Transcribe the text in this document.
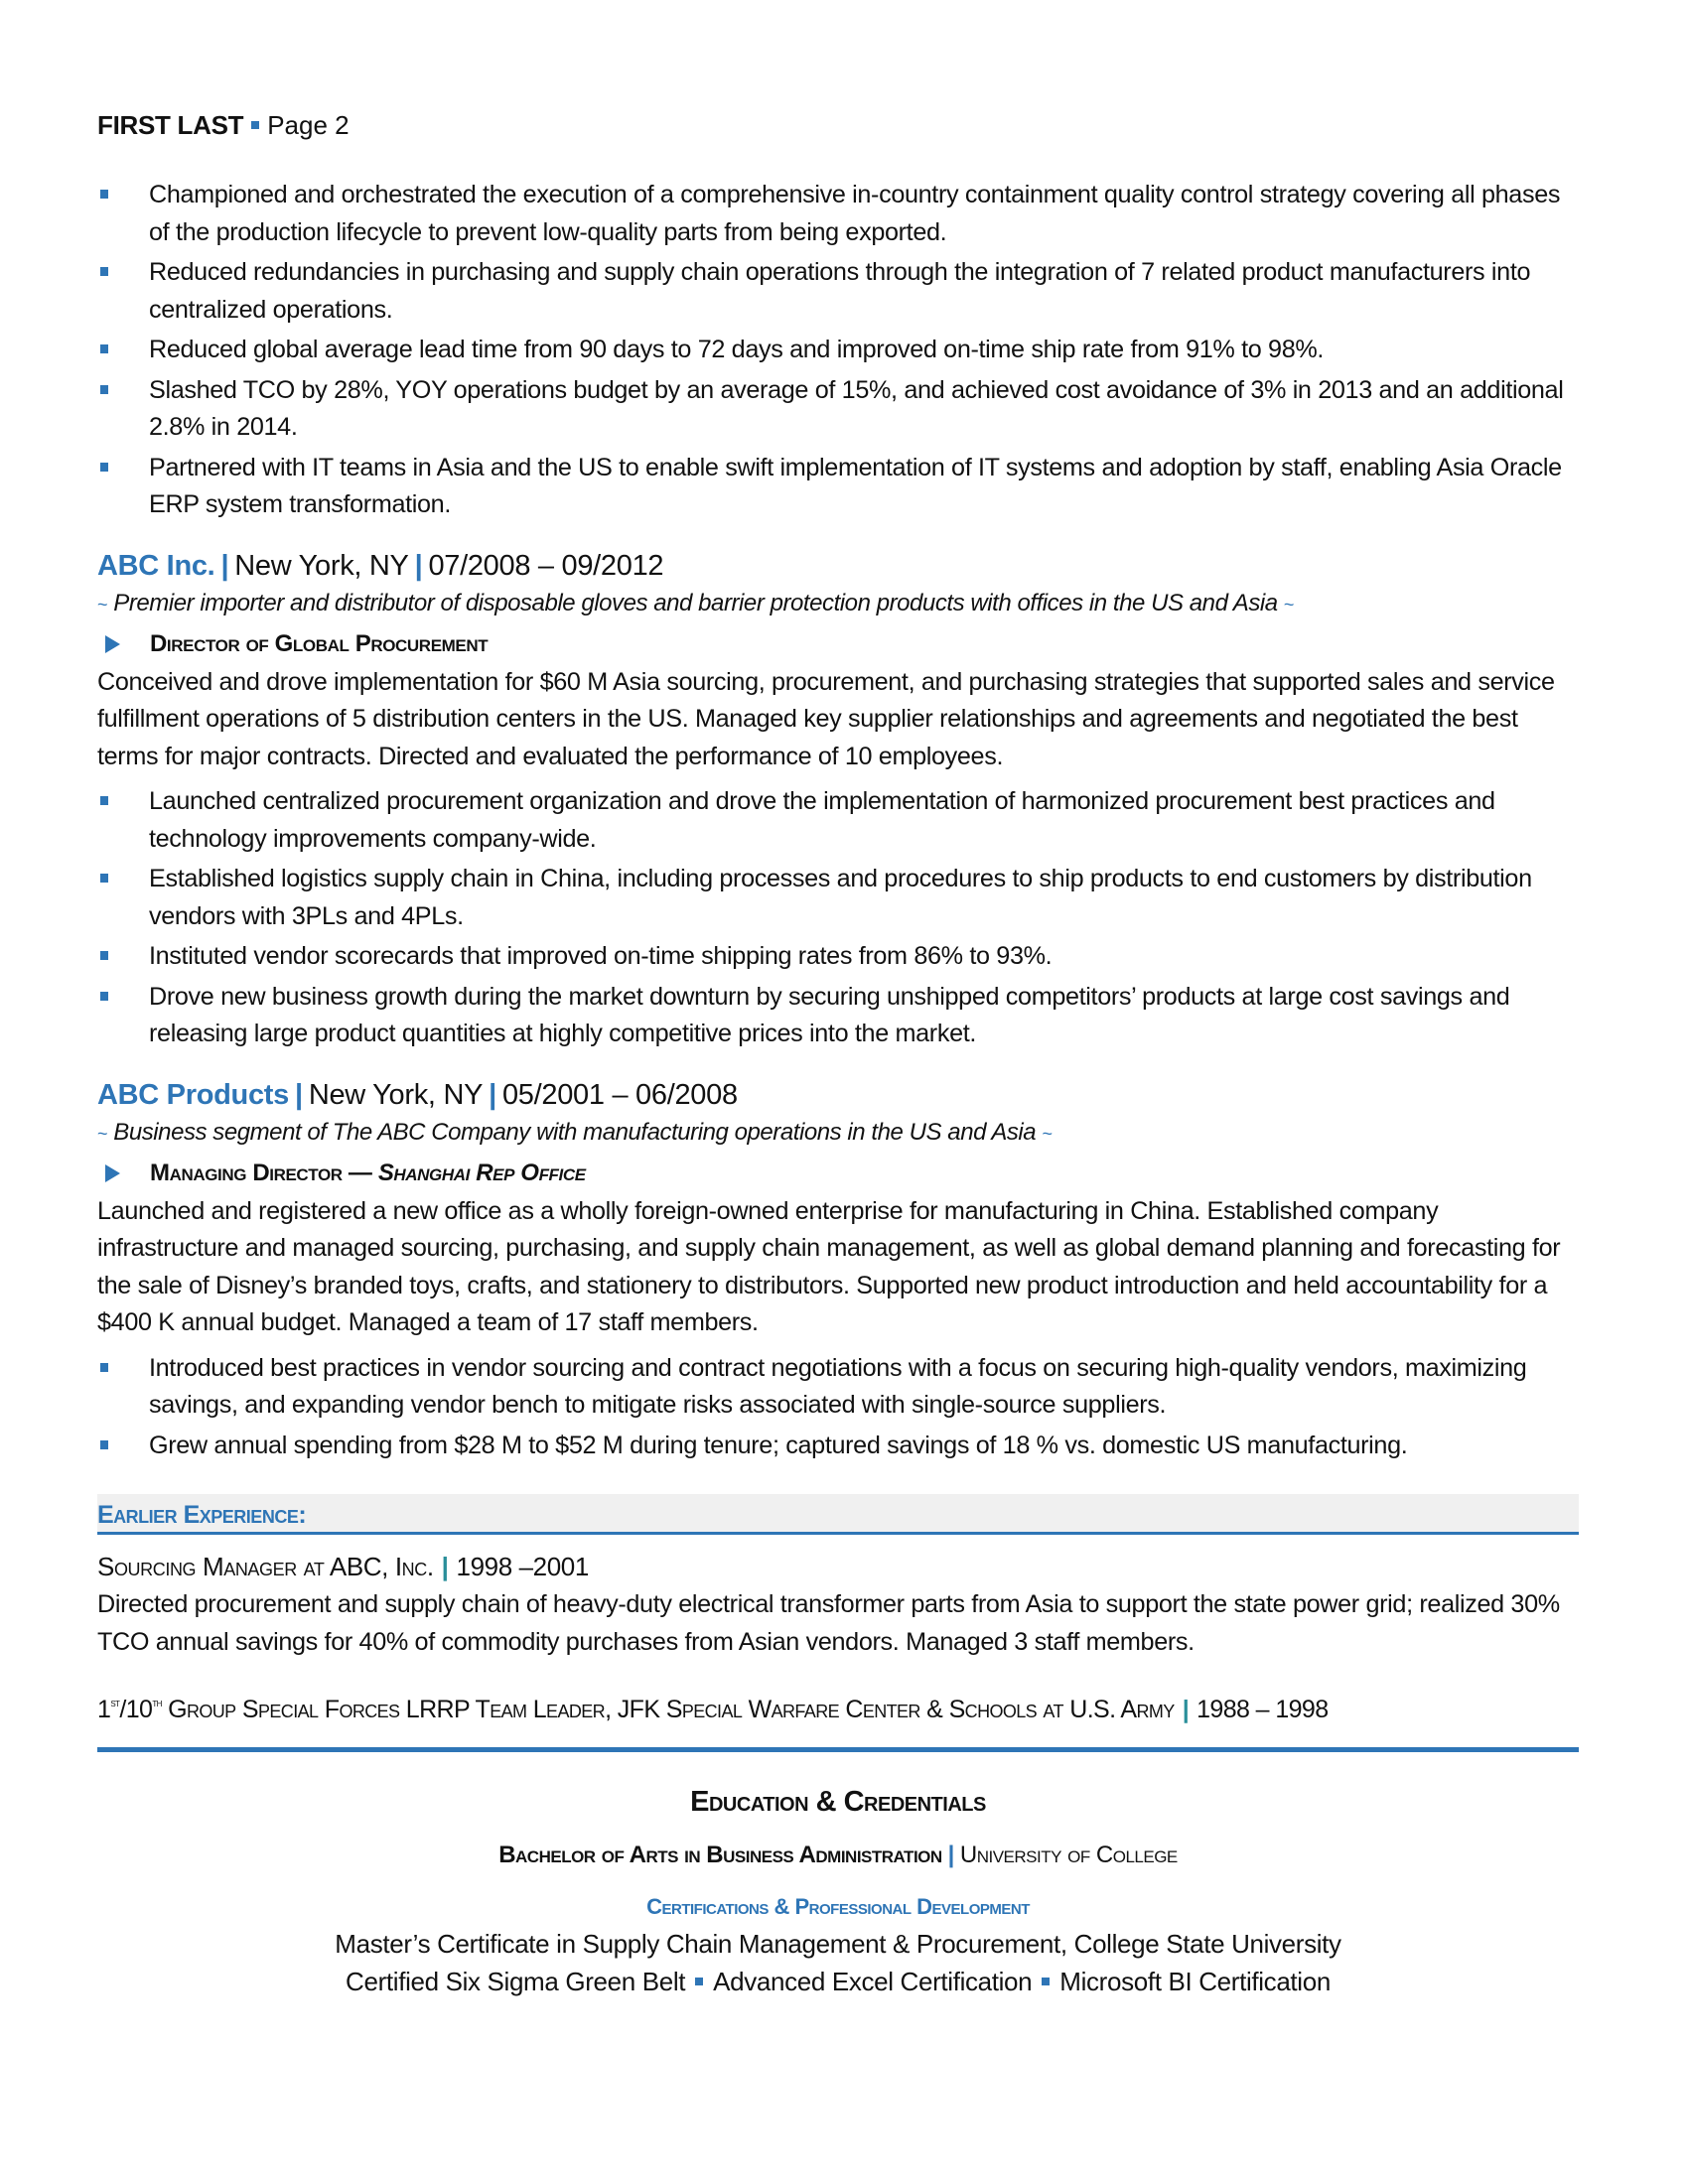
FIRST LAST Page 2
Championed and orchestrated the execution of a comprehensive in-country containment quality control strategy covering all phases of the production lifecycle to prevent low-quality parts from being exported.
Reduced redundancies in purchasing and supply chain operations through the integration of 7 related product manufacturers into centralized operations.
Reduced global average lead time from 90 days to 72 days and improved on-time ship rate from 91% to 98%.
Slashed TCO by 28%, YOY operations budget by an average of 15%, and achieved cost avoidance of 3% in 2013 and an additional 2.8% in 2014.
Partnered with IT teams in Asia and the US to enable swift implementation of IT systems and adoption by staff, enabling Asia Oracle ERP system transformation.
ABC Inc. | New York, NY | 07/2008 – 09/2012
~ Premier importer and distributor of disposable gloves and barrier protection products with offices in the US and Asia ~
Director of Global Procurement
Conceived and drove implementation for $60 M Asia sourcing, procurement, and purchasing strategies that supported sales and service fulfillment operations of 5 distribution centers in the US. Managed key supplier relationships and agreements and negotiated the best terms for major contracts. Directed and evaluated the performance of 10 employees.
Launched centralized procurement organization and drove the implementation of harmonized procurement best practices and technology improvements company-wide.
Established logistics supply chain in China, including processes and procedures to ship products to end customers by distribution vendors with 3PLs and 4PLs.
Instituted vendor scorecards that improved on-time shipping rates from 86% to 93%.
Drove new business growth during the market downturn by securing unshipped competitors’ products at large cost savings and releasing large product quantities at highly competitive prices into the market.
ABC Products | New York, NY | 05/2001 – 06/2008
~ Business segment of The ABC Company with manufacturing operations in the US and Asia ~
Managing Director — Shanghai Rep Office
Launched and registered a new office as a wholly foreign-owned enterprise for manufacturing in China. Established company infrastructure and managed sourcing, purchasing, and supply chain management, as well as global demand planning and forecasting for the sale of Disney’s branded toys, crafts, and stationery to distributors. Supported new product introduction and held accountability for a $400 K annual budget. Managed a team of 17 staff members.
Introduced best practices in vendor sourcing and contract negotiations with a focus on securing high-quality vendors, maximizing savings, and expanding vendor bench to mitigate risks associated with single-source suppliers.
Grew annual spending from $28 M to $52 M during tenure; captured savings of 18 % vs. domestic US manufacturing.
Earlier Experience:
Sourcing Manager at ABC, Inc. | 1998 –2001
Directed procurement and supply chain of heavy-duty electrical transformer parts from Asia to support the state power grid; realized 30% TCO annual savings for 40% of commodity purchases from Asian vendors. Managed 3 staff members.
1st/10th Group Special Forces LRRP Team Leader, JFK Special Warfare Center & Schools at U.S. Army | 1988 – 1998
Education & Credentials
Bachelor of Arts in Business Administration | University of College
Certifications & Professional Development
Master’s Certificate in Supply Chain Management & Procurement, College State University
Certified Six Sigma Green Belt Advanced Excel Certification Microsoft BI Certification
